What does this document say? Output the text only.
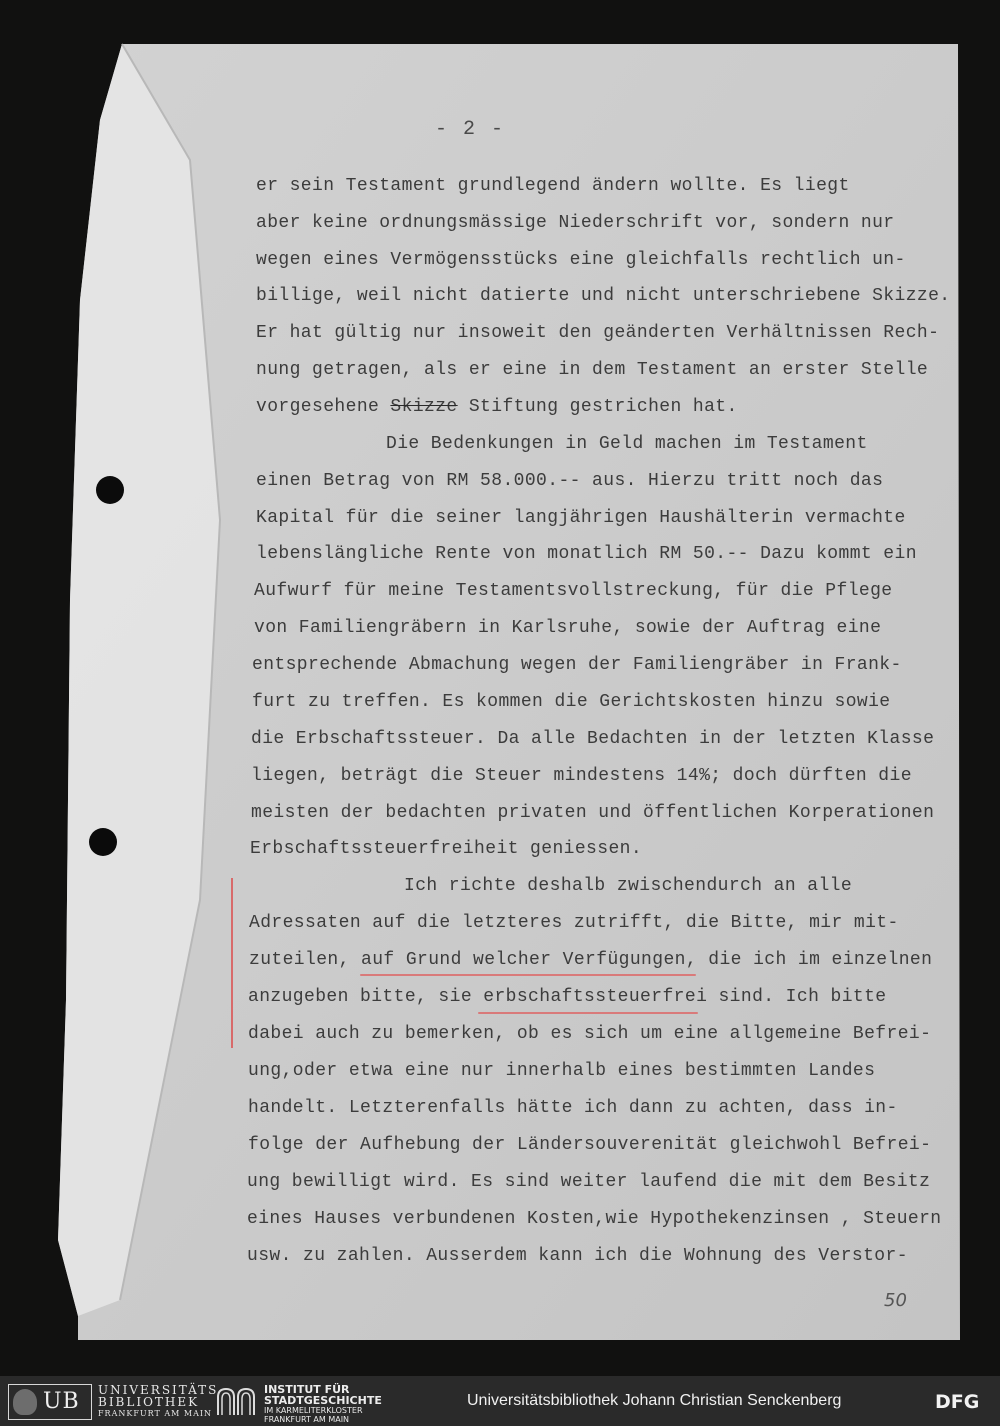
- 2 -
er sein Testament grundlegend ändern wollte. Es liegt
aber keine ordnungsmässige Niederschrift vor, sondern nur
wegen eines Vermögensstücks eine gleichfalls rechtlich un-
billige, weil nicht datierte und nicht unterschriebene Skizze.
Er hat gültig nur insoweit den geänderten Verhältnissen Rech-
nung getragen, als er eine in dem Testament an erster Stelle
vorgesehene Skizze Stiftung gestrichen hat.
Die Bedenkungen in Geld machen im Testament
einen Betrag von RM 58.000.-- aus. Hierzu tritt noch das
Kapital für die seiner langjährigen Haushälterin vermachte
lebenslängliche Rente von monatlich RM 50.-- Dazu kommt ein
Aufwurf für meine Testamentsvollstreckung, für die Pflege
von Familiengräbern in Karlsruhe, sowie der Auftrag eine
entsprechende Abmachung wegen der Familiengräber in Frank-
furt zu treffen. Es kommen die Gerichtskosten hinzu sowie
die Erbschaftssteuer. Da alle Bedachten in der letzten Klasse
liegen, beträgt die Steuer mindestens 14%; doch dürften die
meisten der bedachten privaten und öffentlichen Korperationen
Erbschaftssteuerfreiheit geniessen.
Ich richte deshalb zwischendurch an alle
Adressaten auf die letzteres zutrifft, die Bitte, mir mit-
zuteilen, auf Grund welcher Verfügungen, die ich im einzelnen
anzugeben bitte, sie erbschaftssteuerfrei sind. Ich bitte
dabei auch zu bemerken, ob es sich um eine allgemeine Befrei-
ung,oder etwa eine nur innerhalb eines bestimmten Landes
handelt. Letzterenfalls hätte ich dann zu achten, dass in-
folge der Aufhebung der Ländersouverenität gleichwohl Befrei-
ung bewilligt wird. Es sind weiter laufend die mit dem Besitz
eines Hauses verbundenen Kosten,wie Hypothekenzinsen , Steuern
usw. zu zahlen. Ausserdem kann ich die Wohnung des Verstor-
50
UB	UNIVERSITÄTS
BIBLIOTHEK
FRANKFURT AM MAIN
INSTITUT FÜR
STADTGESCHICHTE
IM KARMELITERKLOSTER
FRANKFURT AM MAIN
Universitätsbibliothek Johann Christian Senckenberg	DFG
